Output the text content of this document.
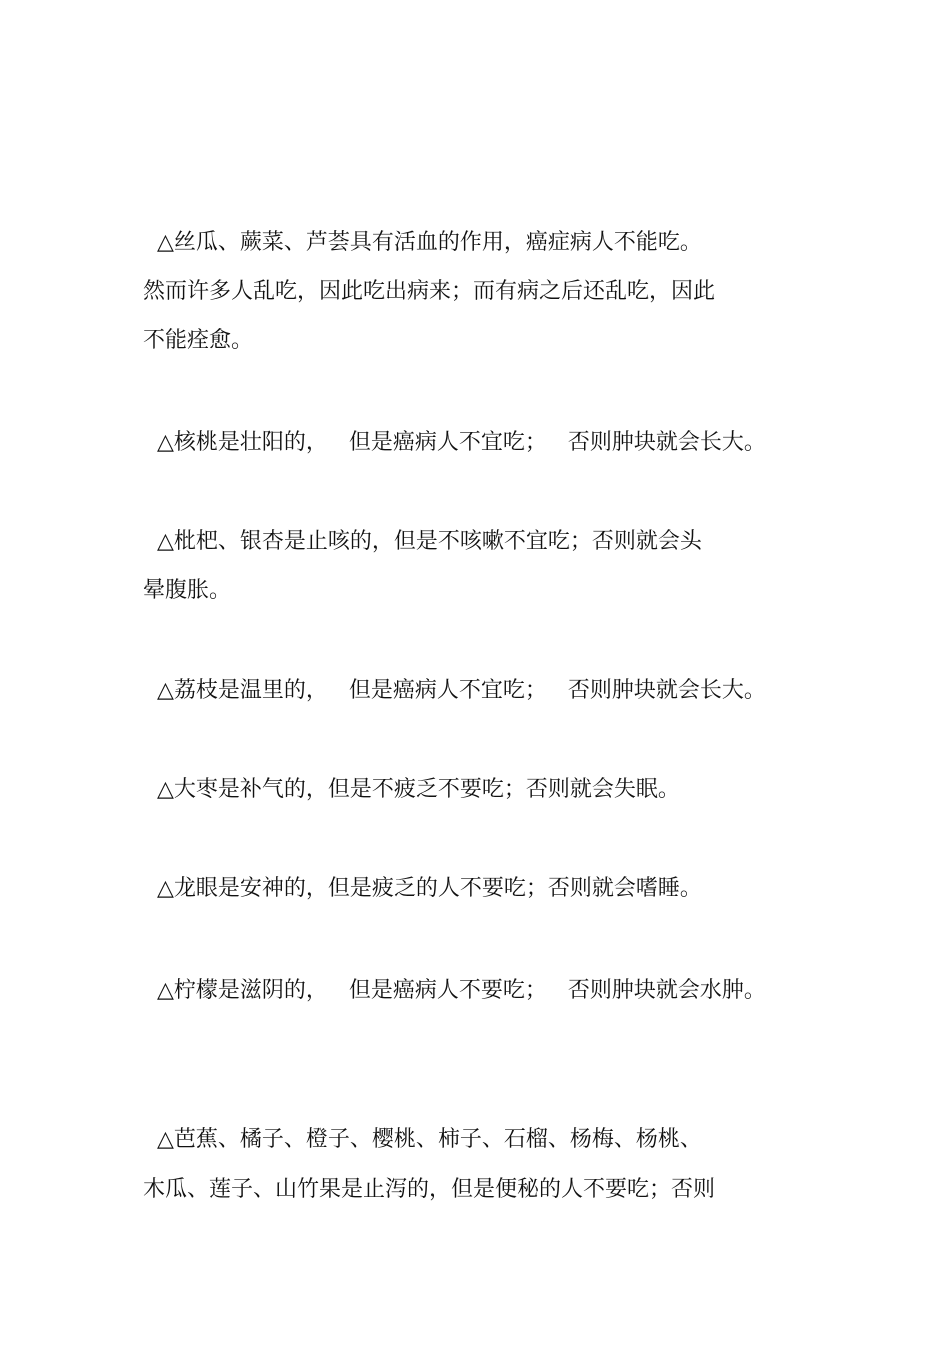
△丝瓜、蕨菜、芦荟具有活血的作用，癌症病人不能吃。
然而许多人乱吃，因此吃出病来；而有病之后还乱吃，因此
不能痊愈。
△核桃是壮阳的，   但是癌病人不宜吃；   否则肿块就会长大。
△枇杷、银杏是止咳的，但是不咳嗽不宜吃；否则就会头
晕腹胀。
△荔枝是温里的，   但是癌病人不宜吃；   否则肿块就会长大。
△大枣是补气的，但是不疲乏不要吃；否则就会失眠。
△龙眼是安神的，但是疲乏的人不要吃；否则就会嗜睡。
△柠檬是滋阴的，   但是癌病人不要吃；   否则肿块就会水肿。
△芭蕉、橘子、橙子、樱桃、柿子、石榴、杨梅、杨桃、
木瓜、莲子、山竹果是止泻的，但是便秘的人不要吃；否则
